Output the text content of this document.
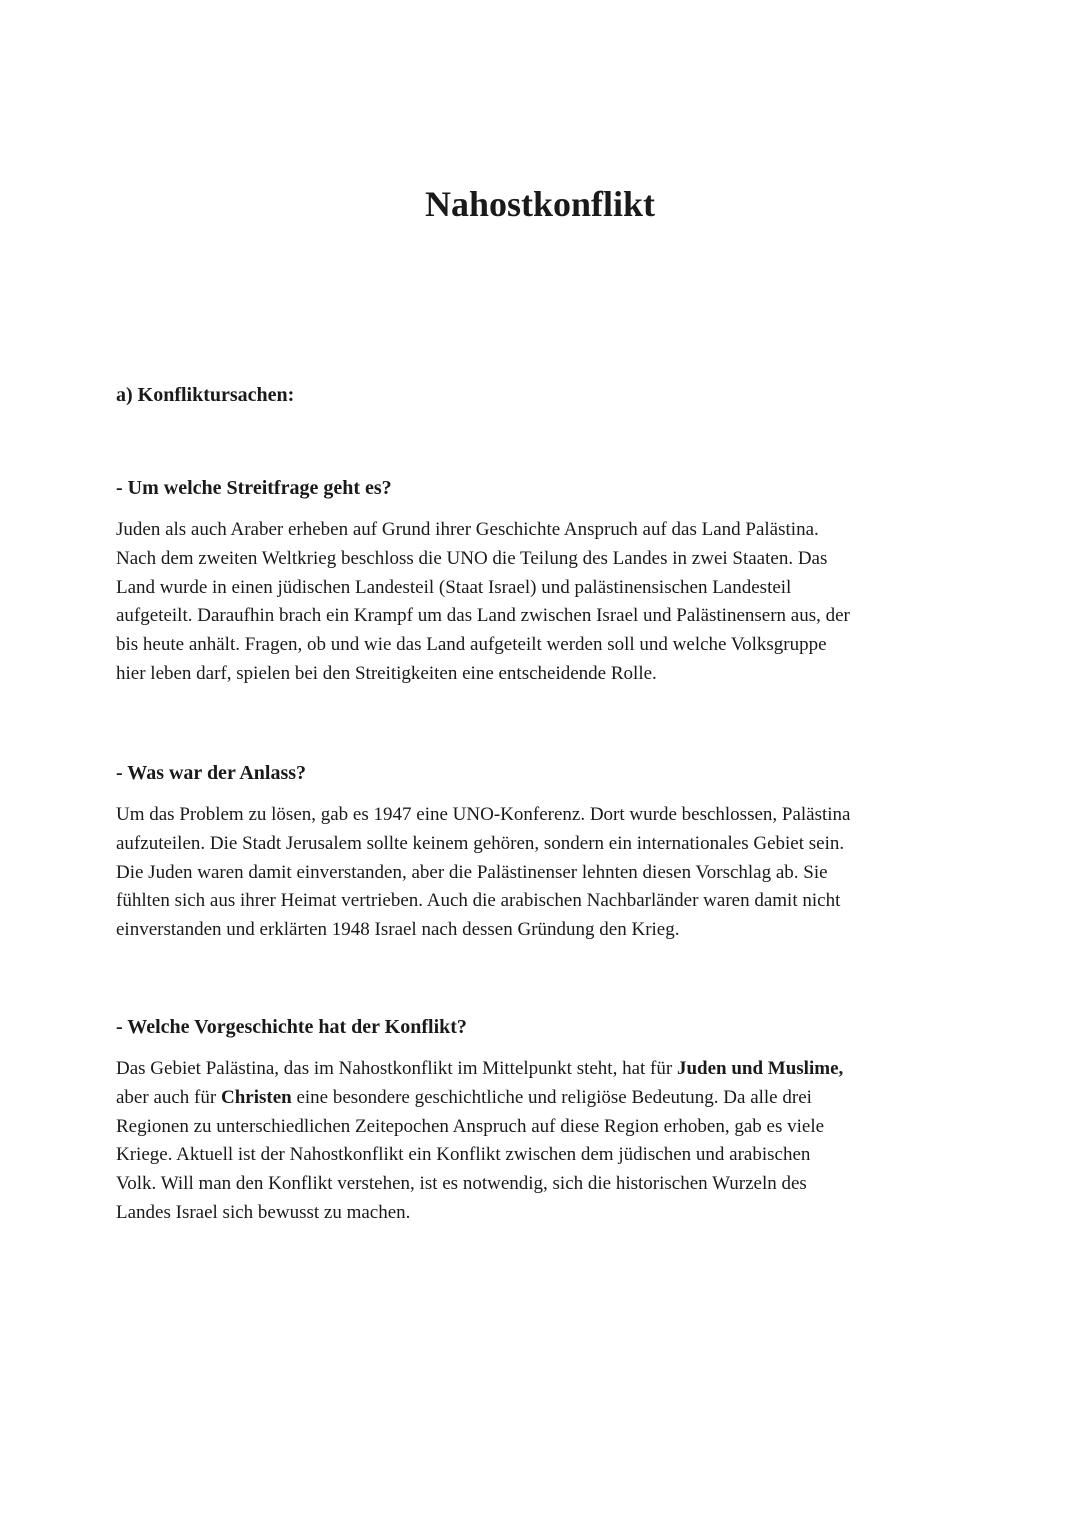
Nahostkonflikt
a) Konfliktursachen:
- Um welche Streitfrage geht es?

Juden als auch Araber erheben auf Grund ihrer Geschichte Anspruch auf das Land Palästina.
Nach dem zweiten Weltkrieg beschloss die UNO die Teilung des Landes in zwei Staaten. Das
Land wurde in einen jüdischen Landesteil (Staat Israel) und palästinensischen Landesteil
aufgeteilt. Daraufhin brach ein Krampf um das Land zwischen Israel und Palästinensern aus, der
bis heute anhält. Fragen, ob und wie das Land aufgeteilt werden soll und welche Volksgruppe
hier leben darf, spielen bei den Streitigkeiten eine entscheidende Rolle.

- Was war der Anlass?

Um das Problem zu lösen, gab es 1947 eine UNO-Konferenz. Dort wurde beschlossen, Palästina
aufzuteilen. Die Stadt Jerusalem sollte keinem gehören, sondern ein internationales Gebiet sein.
Die Juden waren damit einverstanden, aber die Palästinenser lehnten diesen Vorschlag ab. Sie
fühlten sich aus ihrer Heimat vertrieben. Auch die arabischen Nachbarländer waren damit nicht
einverstanden und erklärten 1948 Israel nach dessen Gründung den Krieg.

- Welche Vorgeschichte hat der Konflikt?

Das Gebiet Palästina, das im Nahostkonflikt im Mittelpunkt steht, hat für Juden und Muslime,
aber auch für Christen eine besondere geschichtliche und religiöse Bedeutung. Da alle drei
Regionen zu unterschiedlichen Zeitepochen Anspruch auf diese Region erhoben, gab es viele
Kriege. Aktuell ist der Nahostkonflikt ein Konflikt zwischen dem jüdischen und arabischen
Volk. Will man den Konflikt verstehen, ist es notwendig, sich die historischen Wurzeln des
Landes Israel sich bewusst zu machen.
